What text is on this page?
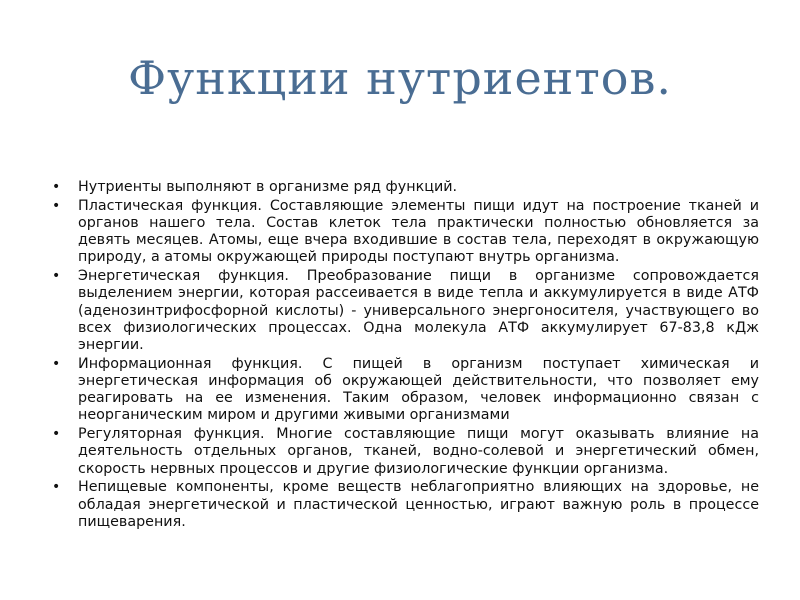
Функции нутриентов.
• Нутриенты выполняют в организме ряд функций.
• Пластическая функция. Составляющие элементы пищи идут на построение тканей и органов нашего тела. Состав клеток тела практически полностью обновляется за девять месяцев. Атомы, еще вчера входившие в состав тела, переходят в окружающую природу, а атомы окружающей природы поступают внутрь организма.
• Энергетическая функция. Преобразование пищи в организме сопровождается выделением энергии, которая рассеивается в виде тепла и аккумулируется в виде АТФ (аденозинтрифосфорной кислоты) - универсального энергоносителя, участвующего во всех физиологических процессах. Одна молекула АТФ аккумулирует 67-83,8 кДж энергии.
• Информационная функция. С пищей в организм поступает химическая и энергетическая информация об окружающей действительности, что позволяет ему реагировать на ее изменения. Таким образом, человек информационно связан с неорганическим миром и другими живыми организмами
• Регуляторная функция. Многие составляющие пищи могут оказывать влияние на деятельность отдельных органов, тканей, водно-солевой и энергетический обмен, скорость нервных процессов и другие физиологические функции организма.
• Непищевые компоненты, кроме веществ неблагоприятно влияющих на здоровье, не обладая энергетической и пластической ценностью, играют важную роль в процессе пищеварения.
